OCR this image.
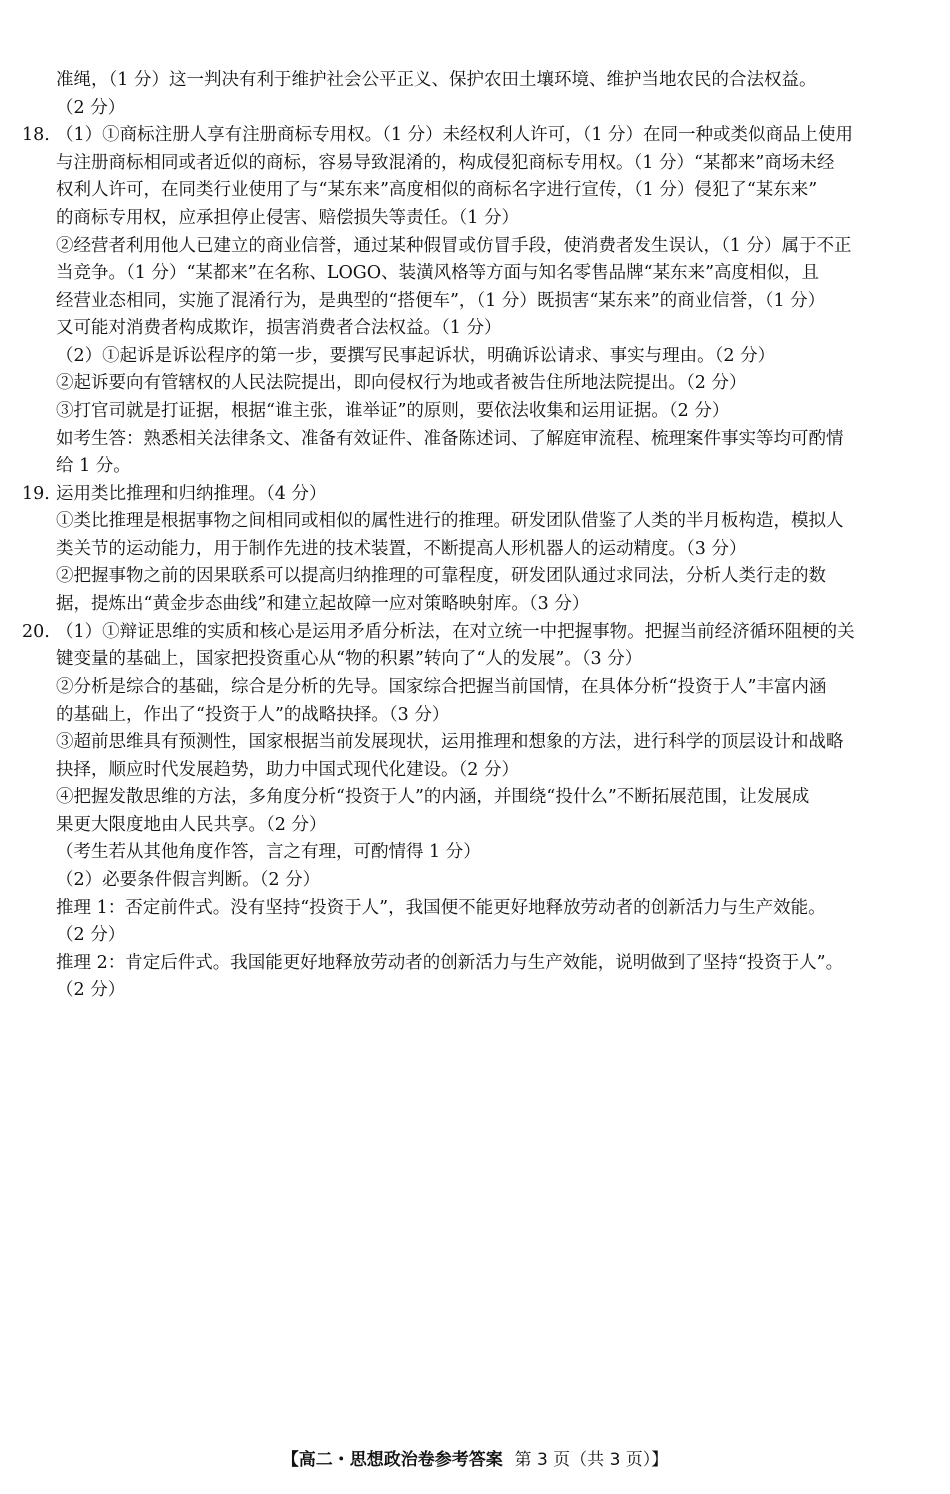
准绳，（1 分）这一判决有利于维护社会公平正义、保护农田土壤环境、维护当地农民的合法权益。
（2 分）
18. （1）①商标注册人享有注册商标专用权。（1 分）未经权利人许可，（1 分）在同一种或类似商品上使用
与注册商标相同或者近似的商标，容易导致混淆的，构成侵犯商标专用权。（1 分）“某都来”商场未经
权利人许可，在同类行业使用了与“某东来”高度相似的商标名字进行宣传，（1 分）侵犯了“某东来”
的商标专用权，应承担停止侵害、赔偿损失等责任。（1 分）
②经营者利用他人已建立的商业信誉，通过某种假冒或仿冒手段，使消费者发生误认，（1 分）属于不正
当竞争。（1 分）“某都来”在名称、LOGO、装潢风格等方面与知名零售品牌“某东来”高度相似，且
经营业态相同，实施了混淆行为，是典型的“搭便车”，（1 分）既损害“某东来”的商业信誉，（1 分）
又可能对消费者构成欺诈，损害消费者合法权益。（1 分）
（2）①起诉是诉讼程序的第一步，要撰写民事起诉状，明确诉讼请求、事实与理由。（2 分）
②起诉要向有管辖权的人民法院提出，即向侵权行为地或者被告住所地法院提出。（2 分）
③打官司就是打证据，根据“谁主张，谁举证”的原则，要依法收集和运用证据。（2 分）
如考生答：熟悉相关法律条文、准备有效证件、准备陈述词、了解庭审流程、梳理案件事实等均可酌情
给 1 分。
19. 运用类比推理和归纳推理。（4 分）
①类比推理是根据事物之间相同或相似的属性进行的推理。研发团队借鉴了人类的半月板构造，模拟人
类关节的运动能力，用于制作先进的技术装置，不断提高人形机器人的运动精度。（3 分）
②把握事物之前的因果联系可以提高归纳推理的可靠程度，研发团队通过求同法，分析人类行走的数
据，提炼出“黄金步态曲线”和建立起故障一应对策略映射库。（3 分）
20. （1）①辩证思维的实质和核心是运用矛盾分析法，在对立统一中把握事物。把握当前经济循环阻梗的关
键变量的基础上，国家把投资重心从“物的积累”转向了“人的发展”。（3 分）
②分析是综合的基础，综合是分析的先导。国家综合把握当前国情，在具体分析“投资于人”丰富内涵
的基础上，作出了“投资于人”的战略抉择。（3 分）
③超前思维具有预测性，国家根据当前发展现状，运用推理和想象的方法，进行科学的顶层设计和战略
抉择，顺应时代发展趋势，助力中国式现代化建设。（2 分）
④把握发散思维的方法，多角度分析“投资于人”的内涵，并围绕“投什么”不断拓展范围，让发展成
果更大限度地由人民共享。（2 分）
（考生若从其他角度作答，言之有理，可酌情得 1 分）
（2）必要条件假言判断。（2 分）
推理 1：否定前件式。没有坚持“投资于人”，我国便不能更好地释放劳动者的创新活力与生产效能。
（2 分）
推理 2：肯定后件式。我国能更好地释放劳动者的创新活力与生产效能，说明做到了坚持“投资于人”。
（2 分）
【高二・思想政治卷参考答案 第 3 页（共 3 页）】
